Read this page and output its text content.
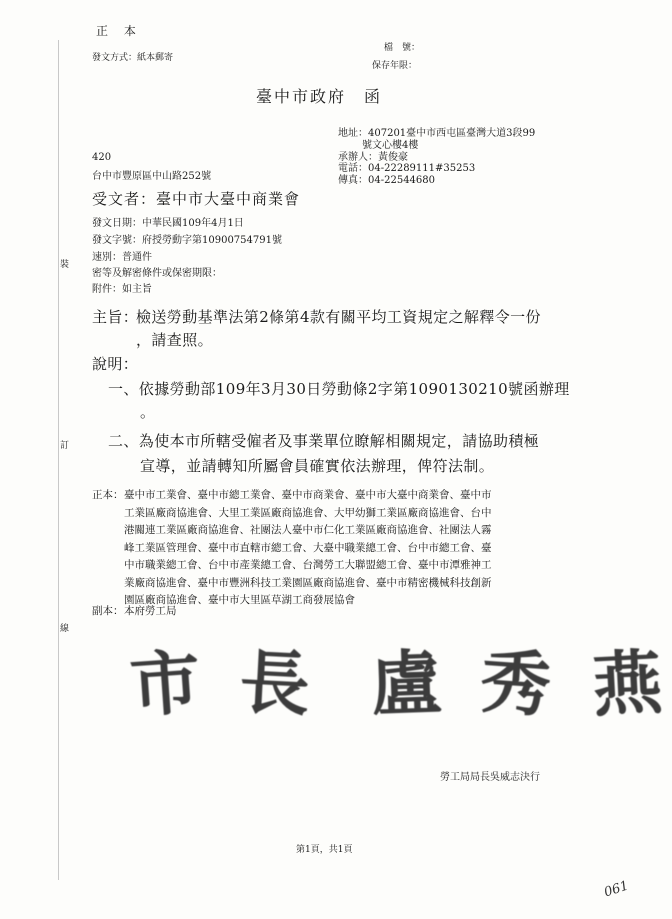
裝
訂
線
正 本
發文方式：紙本郵寄
檔　號：
保存年限：
臺中市政府　函
地址：407201臺中市西屯區臺灣大道3段99
號文心樓4樓
承辦人：黃俊豪
電話：04-22289111#35253
傳真：04-22544680
420
台中市豐原區中山路252號
受文者：臺中市大臺中商業會
發文日期：中華民國109年4月1日
發文字號：府授勞動字第10900754791號
速別：普通件
密等及解密條件或保密期限：
附件：如主旨
主旨：
檢送勞動基準法第2條第4款有關平均工資規定之解釋令一份
，請查照。
說明：
一、依據勞動部109年3月30日勞動條2字第1090130210號函辦理
。
二、為使本市所轄受僱者及事業單位瞭解相關規定，請協助積極
宣導，並請轉知所屬會員確實依法辦理，俾符法制。
正本： 臺中市工業會、臺中市總工業會、臺中市商業會、臺中市大臺中商業會、臺中市
工業區廠商協進會、大里工業區廠商協進會、大甲幼獅工業區廠商協進會、台中
港關連工業區廠商協進會、社團法人臺中市仁化工業區廠商協進會、社團法人霧
峰工業區管理會、臺中市直轄市總工會、大臺中職業總工會、台中市總工會、臺
中市職業總工會、台中市產業總工會、台灣勞工大聯盟總工會、臺中市潭雅神工
業廠商協進會、臺中市豐洲科技工業園區廠商協進會、臺中市精密機械科技創新
園區廠商協進會、臺中市大里區草湖工商發展協會
副本： 本府勞工局
市 長 盧 秀 燕
勞工局局長吳威志決行
第1頁，共1頁
061
